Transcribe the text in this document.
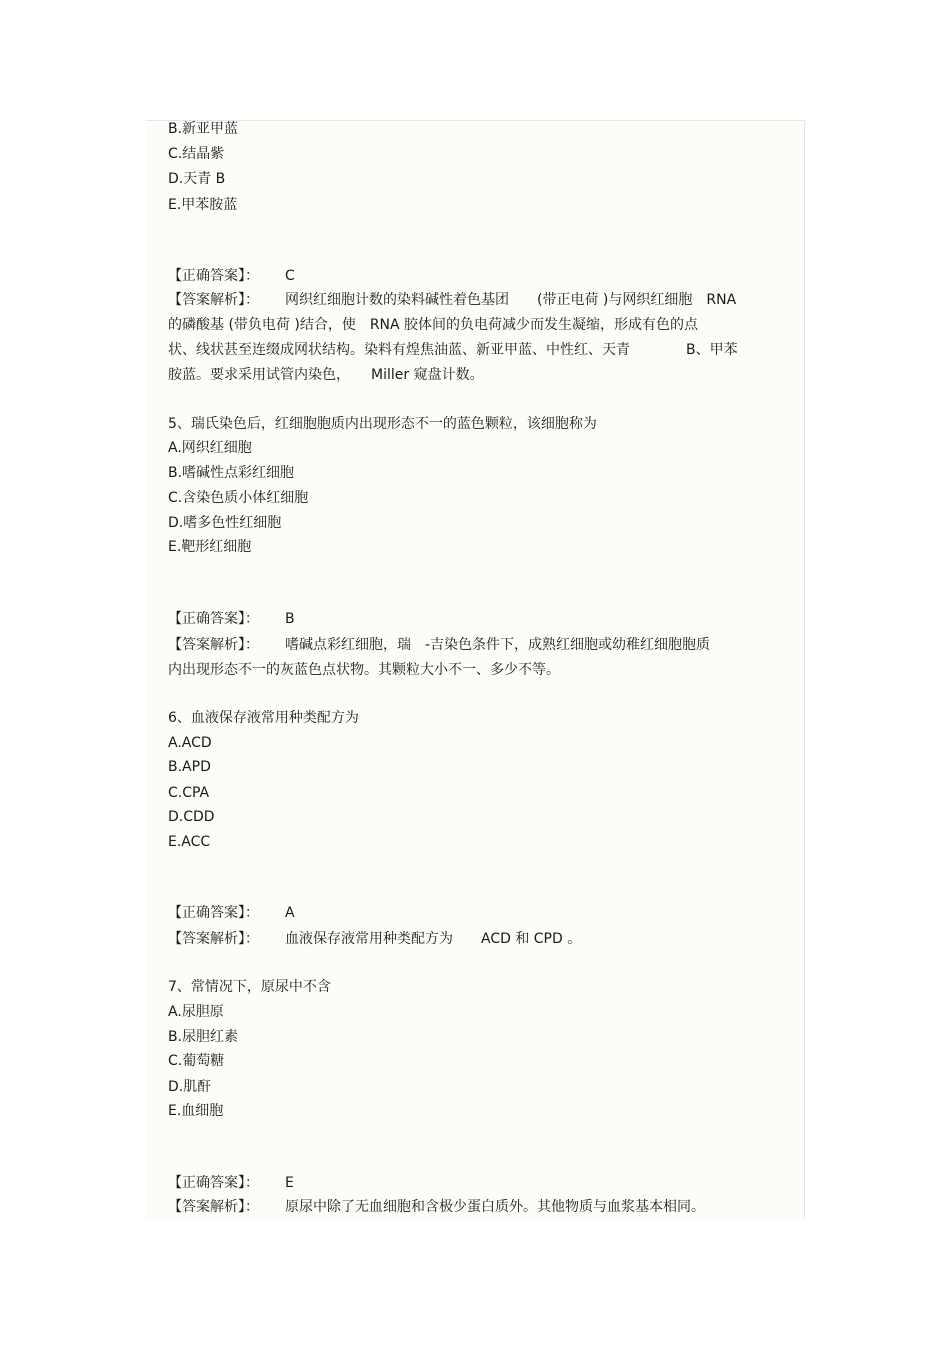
B.新亚甲蓝
C.结晶紫
D.天青 B
E.甲苯胺蓝
【正确答案】： C
【答案解析】： 网织红细胞计数的染料碱性着色基团　　(带正电荷 )与网织红细胞　RNA
的磷酸基 (带负电荷 )结合，使　RNA 胶体间的负电荷减少而发生凝缩，形成有色的点
状、线状甚至连缀成网状结构。染料有煌焦油蓝、新亚甲蓝、中性红、天青　　　　B、甲苯
胺蓝。要求采用试管内染色，　　Miller 窥盘计数。
5、瑞氏染色后，红细胞胞质内出现形态不一的蓝色颗粒，该细胞称为
A.网织红细胞
B.嗜碱性点彩红细胞
C.含染色质小体红细胞
D.嗜多色性红细胞
E.靶形红细胞
【正确答案】： B
【答案解析】： 嗜碱点彩红细胞，瑞　-吉染色条件下，成熟红细胞或幼稚红细胞胞质
内出现形态不一的灰蓝色点状物。其颗粒大小不一、多少不等。
6、血液保存液常用种类配方为
A.ACD
B.APD
C.CPA
D.CDD
E.ACC
【正确答案】： A
【答案解析】： 血液保存液常用种类配方为　　ACD 和 CPD 。
7、常情况下，原尿中不含
A.尿胆原
B.尿胆红素
C.葡萄糖
D.肌酐
E.血细胞
【正确答案】： E
【答案解析】： 原尿中除了无血细胞和含极少蛋白质外。其他物质与血浆基本相同。
